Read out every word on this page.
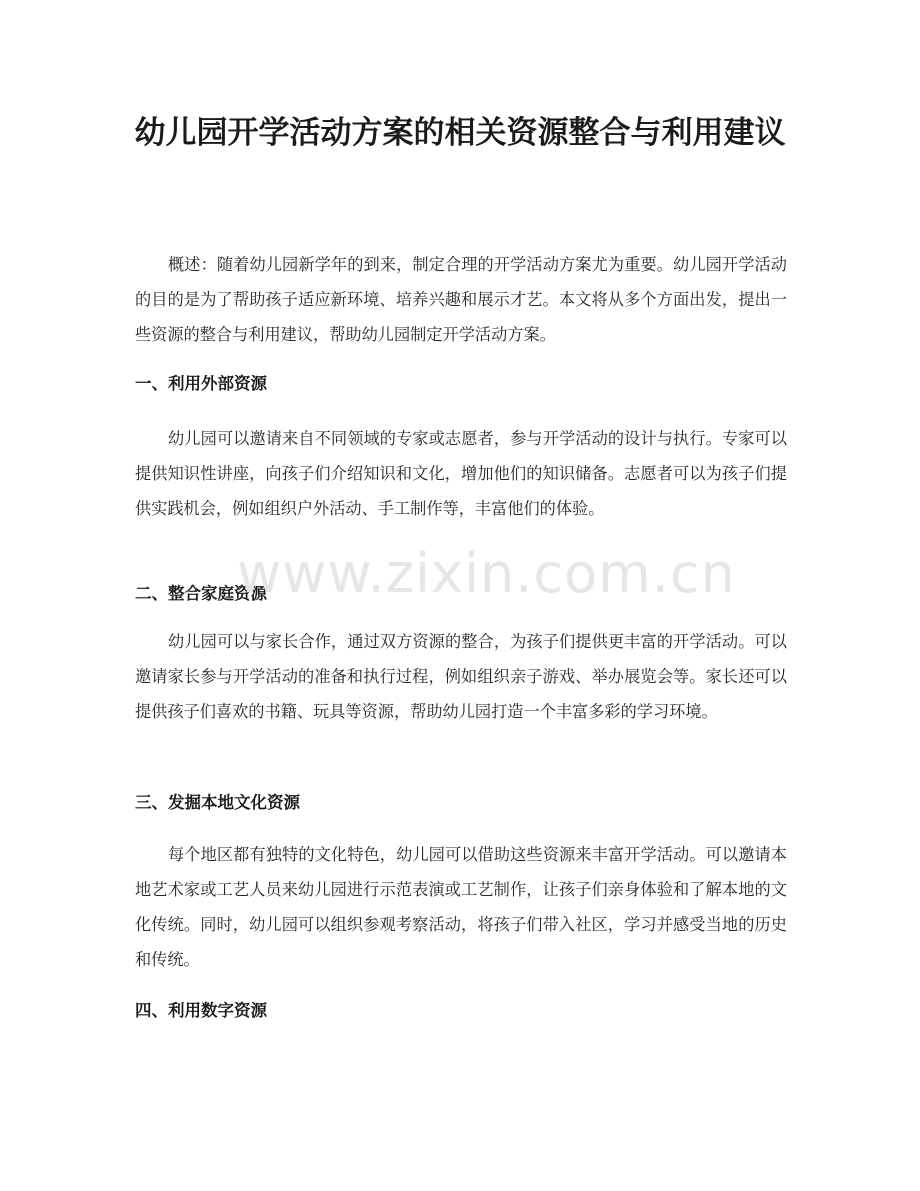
幼儿园开学活动方案的相关资源整合与利用建议

概述：随着幼儿园新学年的到来，制定合理的开学活动方案尤为重要。幼儿园开学活动的目的是为了帮助孩子适应新环境、培养兴趣和展示才艺。本文将从多个方面出发，提出一些资源的整合与利用建议，帮助幼儿园制定开学活动方案。

一、利用外部资源

幼儿园可以邀请来自不同领域的专家或志愿者，参与开学活动的设计与执行。专家可以提供知识性讲座，向孩子们介绍知识和文化，增加他们的知识储备。志愿者可以为孩子们提供实践机会，例如组织户外活动、手工制作等，丰富他们的体验。

二、整合家庭资源

幼儿园可以与家长合作，通过双方资源的整合，为孩子们提供更丰富的开学活动。可以邀请家长参与开学活动的准备和执行过程，例如组织亲子游戏、举办展览会等。家长还可以提供孩子们喜欢的书籍、玩具等资源，帮助幼儿园打造一个丰富多彩的学习环境。

三、发掘本地文化资源

每个地区都有独特的文化特色，幼儿园可以借助这些资源来丰富开学活动。可以邀请本地艺术家或工艺人员来幼儿园进行示范表演或工艺制作，让孩子们亲身体验和了解本地的文化传统。同时，幼儿园可以组织参观考察活动，将孩子们带入社区，学习并感受当地的历史和传统。

四、利用数字资源
www.zixin.com.cn
